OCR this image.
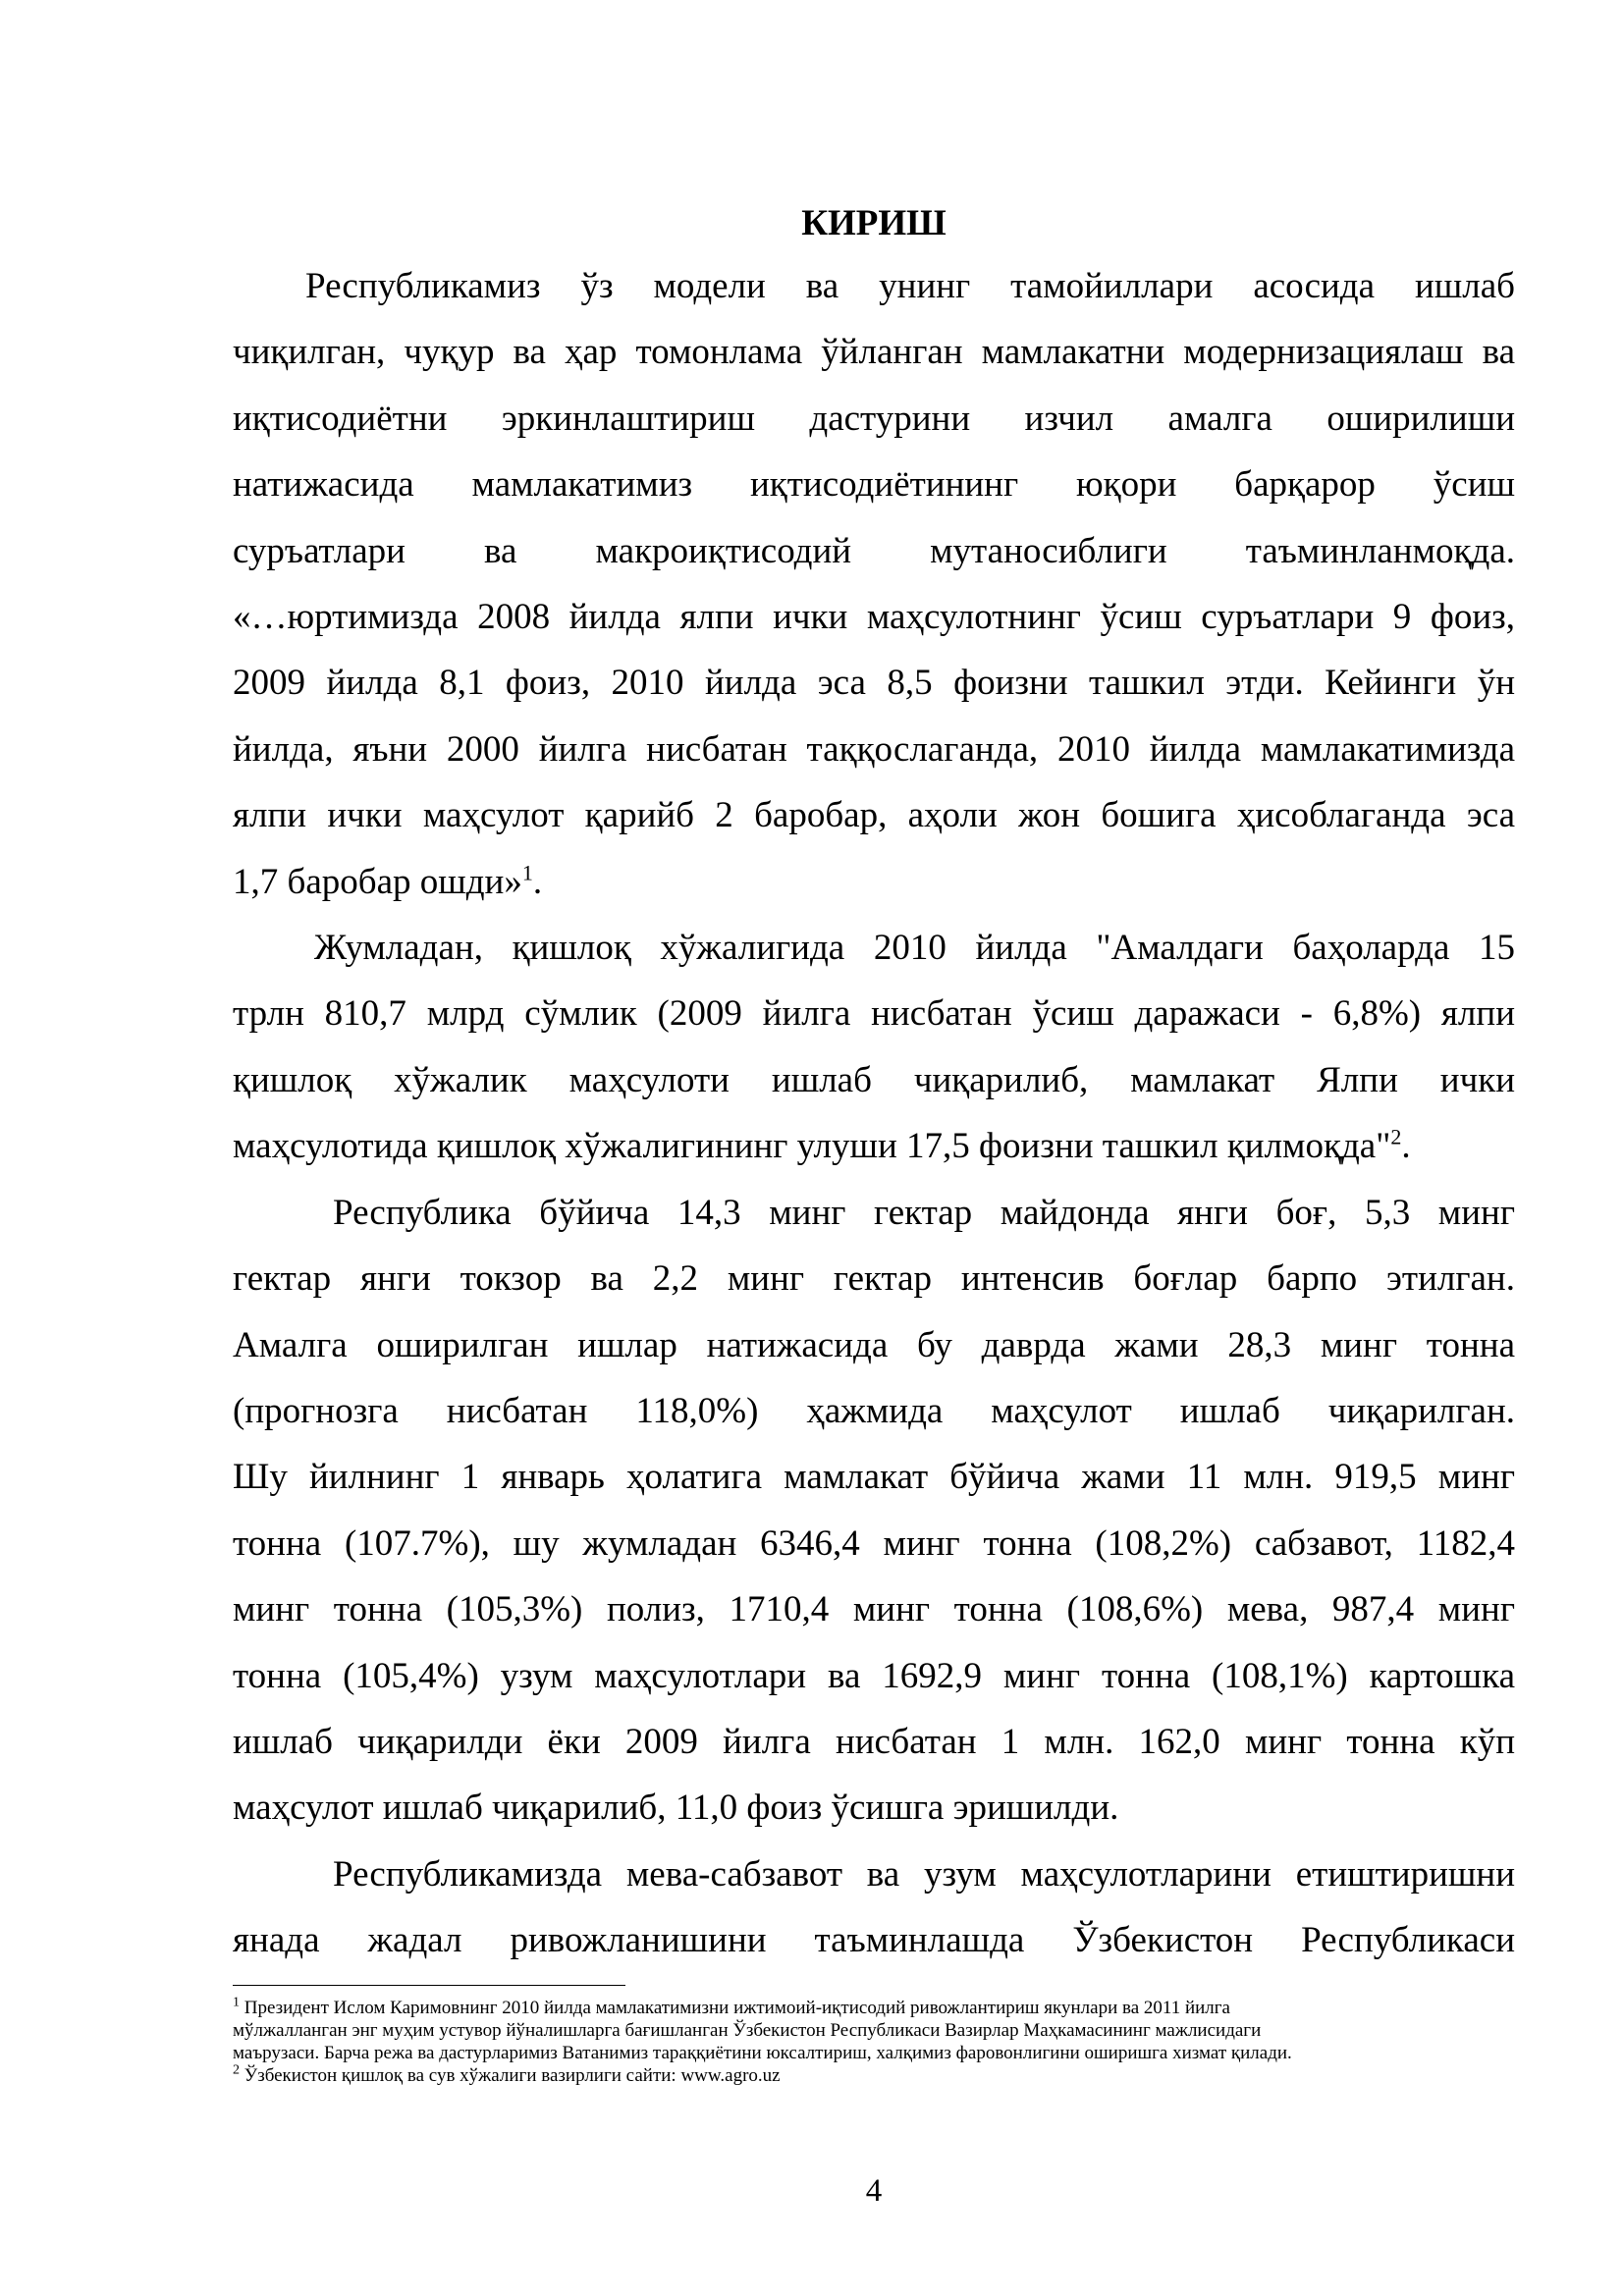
КИРИШ

Республикамиз ўз модели ва унинг тамойиллари асосида ишлаб
чиқилган, чуқур ва ҳар томонлама ўйланган мамлакатни модернизациялаш ва
иқтисодиётни эркинлаштириш дастурини изчил амалга оширилиши
натижасида мамлакатимиз иқтисодиётининг юқори барқарор ўсиш
суръатлари ва макроиқтисодий мутаносиблиги таъминланмоқда.
«…юртимизда 2008 йилда ялпи ички маҳсулотнинг ўсиш суръатлари 9 фоиз,
2009 йилда 8,1 фоиз, 2010 йилда эса 8,5 фоизни ташкил этди. Кейинги ўн
йилда, яъни 2000 йилга нисбатан таққослаганда, 2010 йилда мамлакатимизда
ялпи ички маҳсулот қарийб 2 баробар, аҳоли жон бошига ҳисоблаганда эса
1,7 баробар ошди»$^1$.

Жумладан, қишлоқ хўжалигида 2010 йилда "Амалдаги баҳоларда 15
трлн 810,7 млрд сўмлик (2009 йилга нисбатан ўсиш даражаси - 6,8%) ялпи
қишлоқ хўжалик маҳсулоти ишлаб чиқарилиб, мамлакат Ялпи ички
маҳсулотида қишлоқ хўжалигининг улуши 17,5 фоизни ташкил қилмоқда"$^2$.

Республика бўйича 14,3 минг гектар майдонда янги боғ, 5,3 минг
гектар янги токзор ва 2,2 минг гектар интенсив боғлар барпо этилган.
Амалга оширилган ишлар натижасида бу даврда жами 28,3 минг тонна
(прогнозга нисбатан 118,0%) ҳажмида маҳсулот ишлаб чиқарилган.
Шу йилнинг 1 январь ҳолатига мамлакат бўйича жами 11 млн. 919,5 минг
тонна (107.7%), шу жумладан 6346,4 минг тонна (108,2%) сабзавот, 1182,4
минг тонна (105,3%) полиз, 1710,4 минг тонна (108,6%) мева, 987,4 минг
тонна (105,4%) узум маҳсулотлари ва 1692,9 минг тонна (108,1%) картошка
ишлаб чиқарилди ёки 2009 йилга нисбатан 1 млн. 162,0 минг тонна кўп
маҳсулот ишлаб чиқарилиб, 11,0 фоиз ўсишга эришилди.

Республикамизда мева-сабзавот ва узум маҳсулотларини етиштиришни
янада жадал ривожланишини таъминлашда Ўзбекистон Республикаси

$^1$ Президент Ислом Каримовнинг 2010 йилда мамлакатимизни ижтимоий-иқтисодий ривожлантириш якунлари ва 2011 йилга
мўлжалланган энг муҳим устувор йўналишларга бағишланган Ўзбекистон Республикаси Вазирлар Маҳкамасининг мажлисидаги
маърузаси. Барча режа ва дастурларимиз Ватанимиз тараққиётини юксалтириш, халқимиз фаровонлигини оширишга хизмат қилади.

$^2$ Ўзбекистон қишлоқ ва сув хўжалиги вазирлиги сайти: www.agro.uz

4
